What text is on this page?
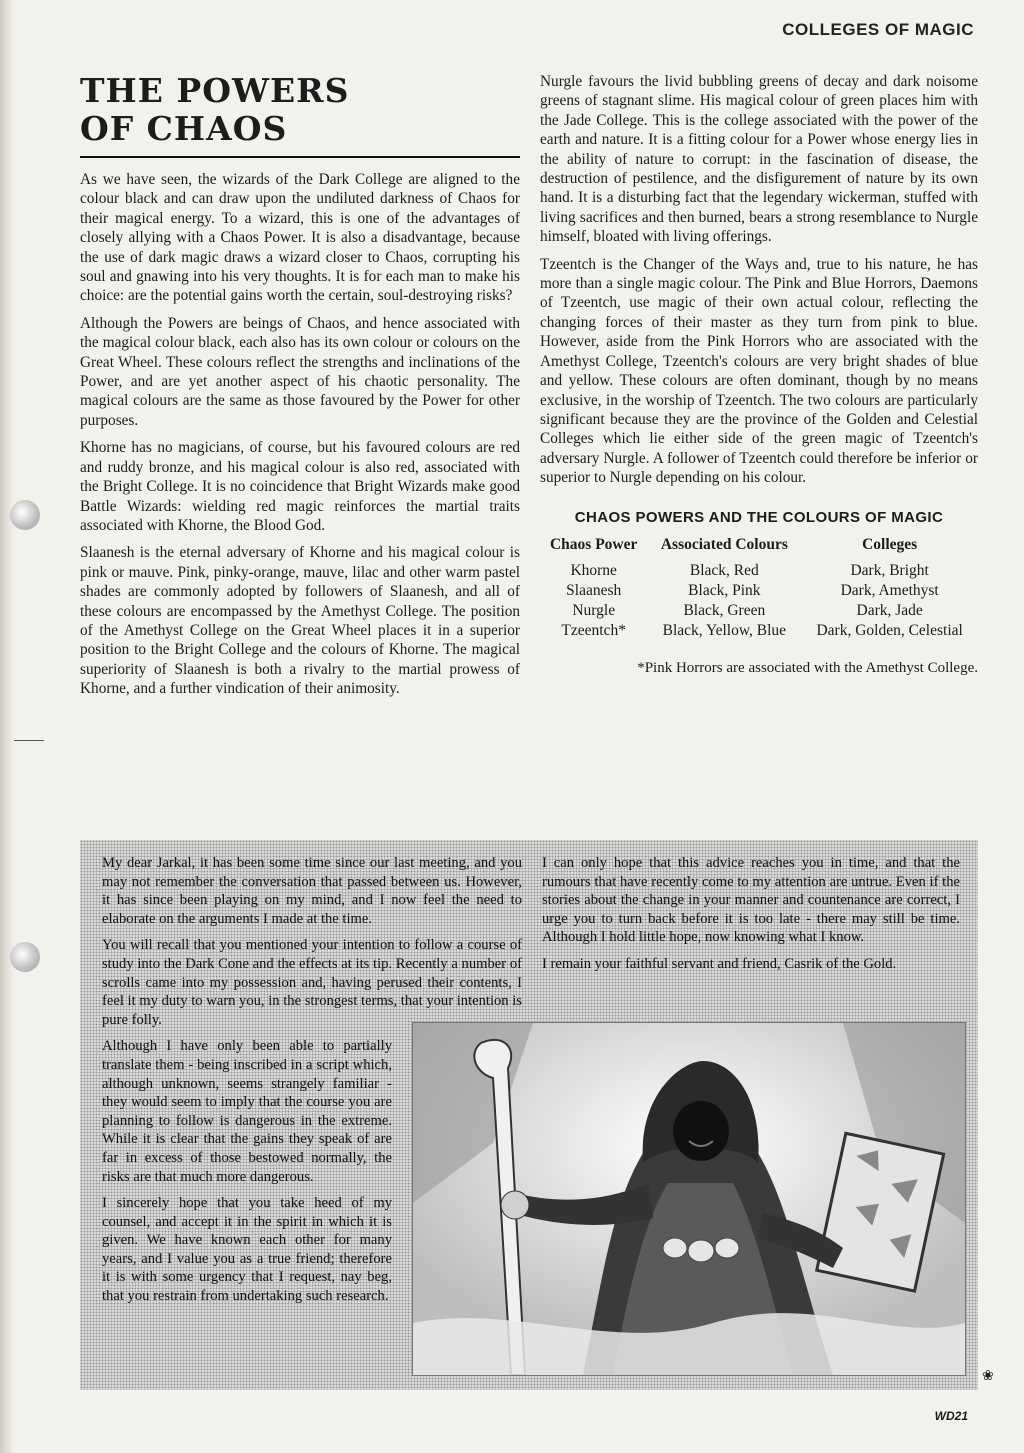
COLLEGES OF MAGIC
THE POWERS
OF CHAOS

As we have seen, the wizards of the Dark College are aligned to the colour black and can draw upon the undiluted darkness of Chaos for their magical energy. To a wizard, this is one of the advantages of closely allying with a Chaos Power. It is also a disadvantage, because the use of dark magic draws a wizard closer to Chaos, corrupting his soul and gnawing into his very thoughts. It is for each man to make his choice: are the potential gains worth the certain, soul-destroying risks?

Although the Powers are beings of Chaos, and hence associated with the magical colour black, each also has its own colour or colours on the Great Wheel. These colours reflect the strengths and inclinations of the Power, and are yet another aspect of his chaotic personality. The magical colours are the same as those favoured by the Power for other purposes.

Khorne has no magicians, of course, but his favoured colours are red and ruddy bronze, and his magical colour is also red, associated with the Bright College. It is no coincidence that Bright Wizards make good Battle Wizards: wielding red magic reinforces the martial traits associated with Khorne, the Blood God.

Slaanesh is the eternal adversary of Khorne and his magical colour is pink or mauve. Pink, pinky-orange, mauve, lilac and other warm pastel shades are commonly adopted by followers of Slaanesh, and all of these colours are encompassed by the Amethyst College. The position of the Amethyst College on the Great Wheel places it in a superior position to the Bright College and the colours of Khorne. The magical superiority of Slaanesh is both a rivalry to the martial prowess of Khorne, and a further vindication of their animosity.

Nurgle favours the livid bubbling greens of decay and dark noisome greens of stagnant slime. His magical colour of green places him with the Jade College. This is the college associated with the power of the earth and nature. It is a fitting colour for a Power whose energy lies in the ability of nature to corrupt: in the fascination of disease, the destruction of pestilence, and the disfigurement of nature by its own hand. It is a disturbing fact that the legendary wickerman, stuffed with living sacrifices and then burned, bears a strong resemblance to Nurgle himself, bloated with living offerings.

Tzeentch is the Changer of the Ways and, true to his nature, he has more than a single magic colour. The Pink and Blue Horrors, Daemons of Tzeentch, use magic of their own actual colour, reflecting the changing forces of their master as they turn from pink to blue. However, aside from the Pink Horrors who are associated with the Amethyst College, Tzeentch's colours are very bright shades of blue and yellow. These colours are often dominant, though by no means exclusive, in the worship of Tzeentch. The two colours are particularly significant because they are the province of the Golden and Celestial Colleges which lie either side of the green magic of Tzeentch's adversary Nurgle. A follower of Tzeentch could therefore be inferior or superior to Nurgle depending on his colour.

CHAOS POWERS AND THE COLOURS OF MAGIC
Chaos Power	Associated Colours	Colleges
Khorne	Black, Red	Dark, Bright
Slaanesh	Black, Pink	Dark, Amethyst
Nurgle	Black, Green	Dark, Jade
Tzeentch*	Black, Yellow, Blue	Dark, Golden, Celestial
*Pink Horrors are associated with the Amethyst College.

My dear Jarkal, it has been some time since our last meeting, and you may not remember the conversation that passed between us. However, it has since been playing on my mind, and I now feel the need to elaborate on the arguments I made at the time.

You will recall that you mentioned your intention to follow a course of study into the Dark Cone and the effects at its tip. Recently a number of scrolls came into my possession and, having perused their contents, I feel it my duty to warn you, in the strongest terms, that your intention is pure folly.

Although I have only been able to partially translate them - being inscribed in a script which, although unknown, seems strangely familiar - they would seem to imply that the course you are planning to follow is dangerous in the extreme. While it is clear that the gains they speak of are far in excess of those bestowed normally, the risks are that much more dangerous.

I sincerely hope that you take heed of my counsel, and accept it in the spirit in which it is given. We have known each other for many years, and I value you as a true friend; therefore it is with some urgency that I request, nay beg, that you restrain from undertaking such research.

I can only hope that this advice reaches you in time, and that the rumours that have recently come to my attention are untrue. Even if the stories about the change in your manner and countenance are correct, I urge you to turn back before it is too late - there may still be time. Although I hold little hope, now knowing what I know.

I remain your faithful servant and friend, Casrik of the Gold.

❀
WD21
